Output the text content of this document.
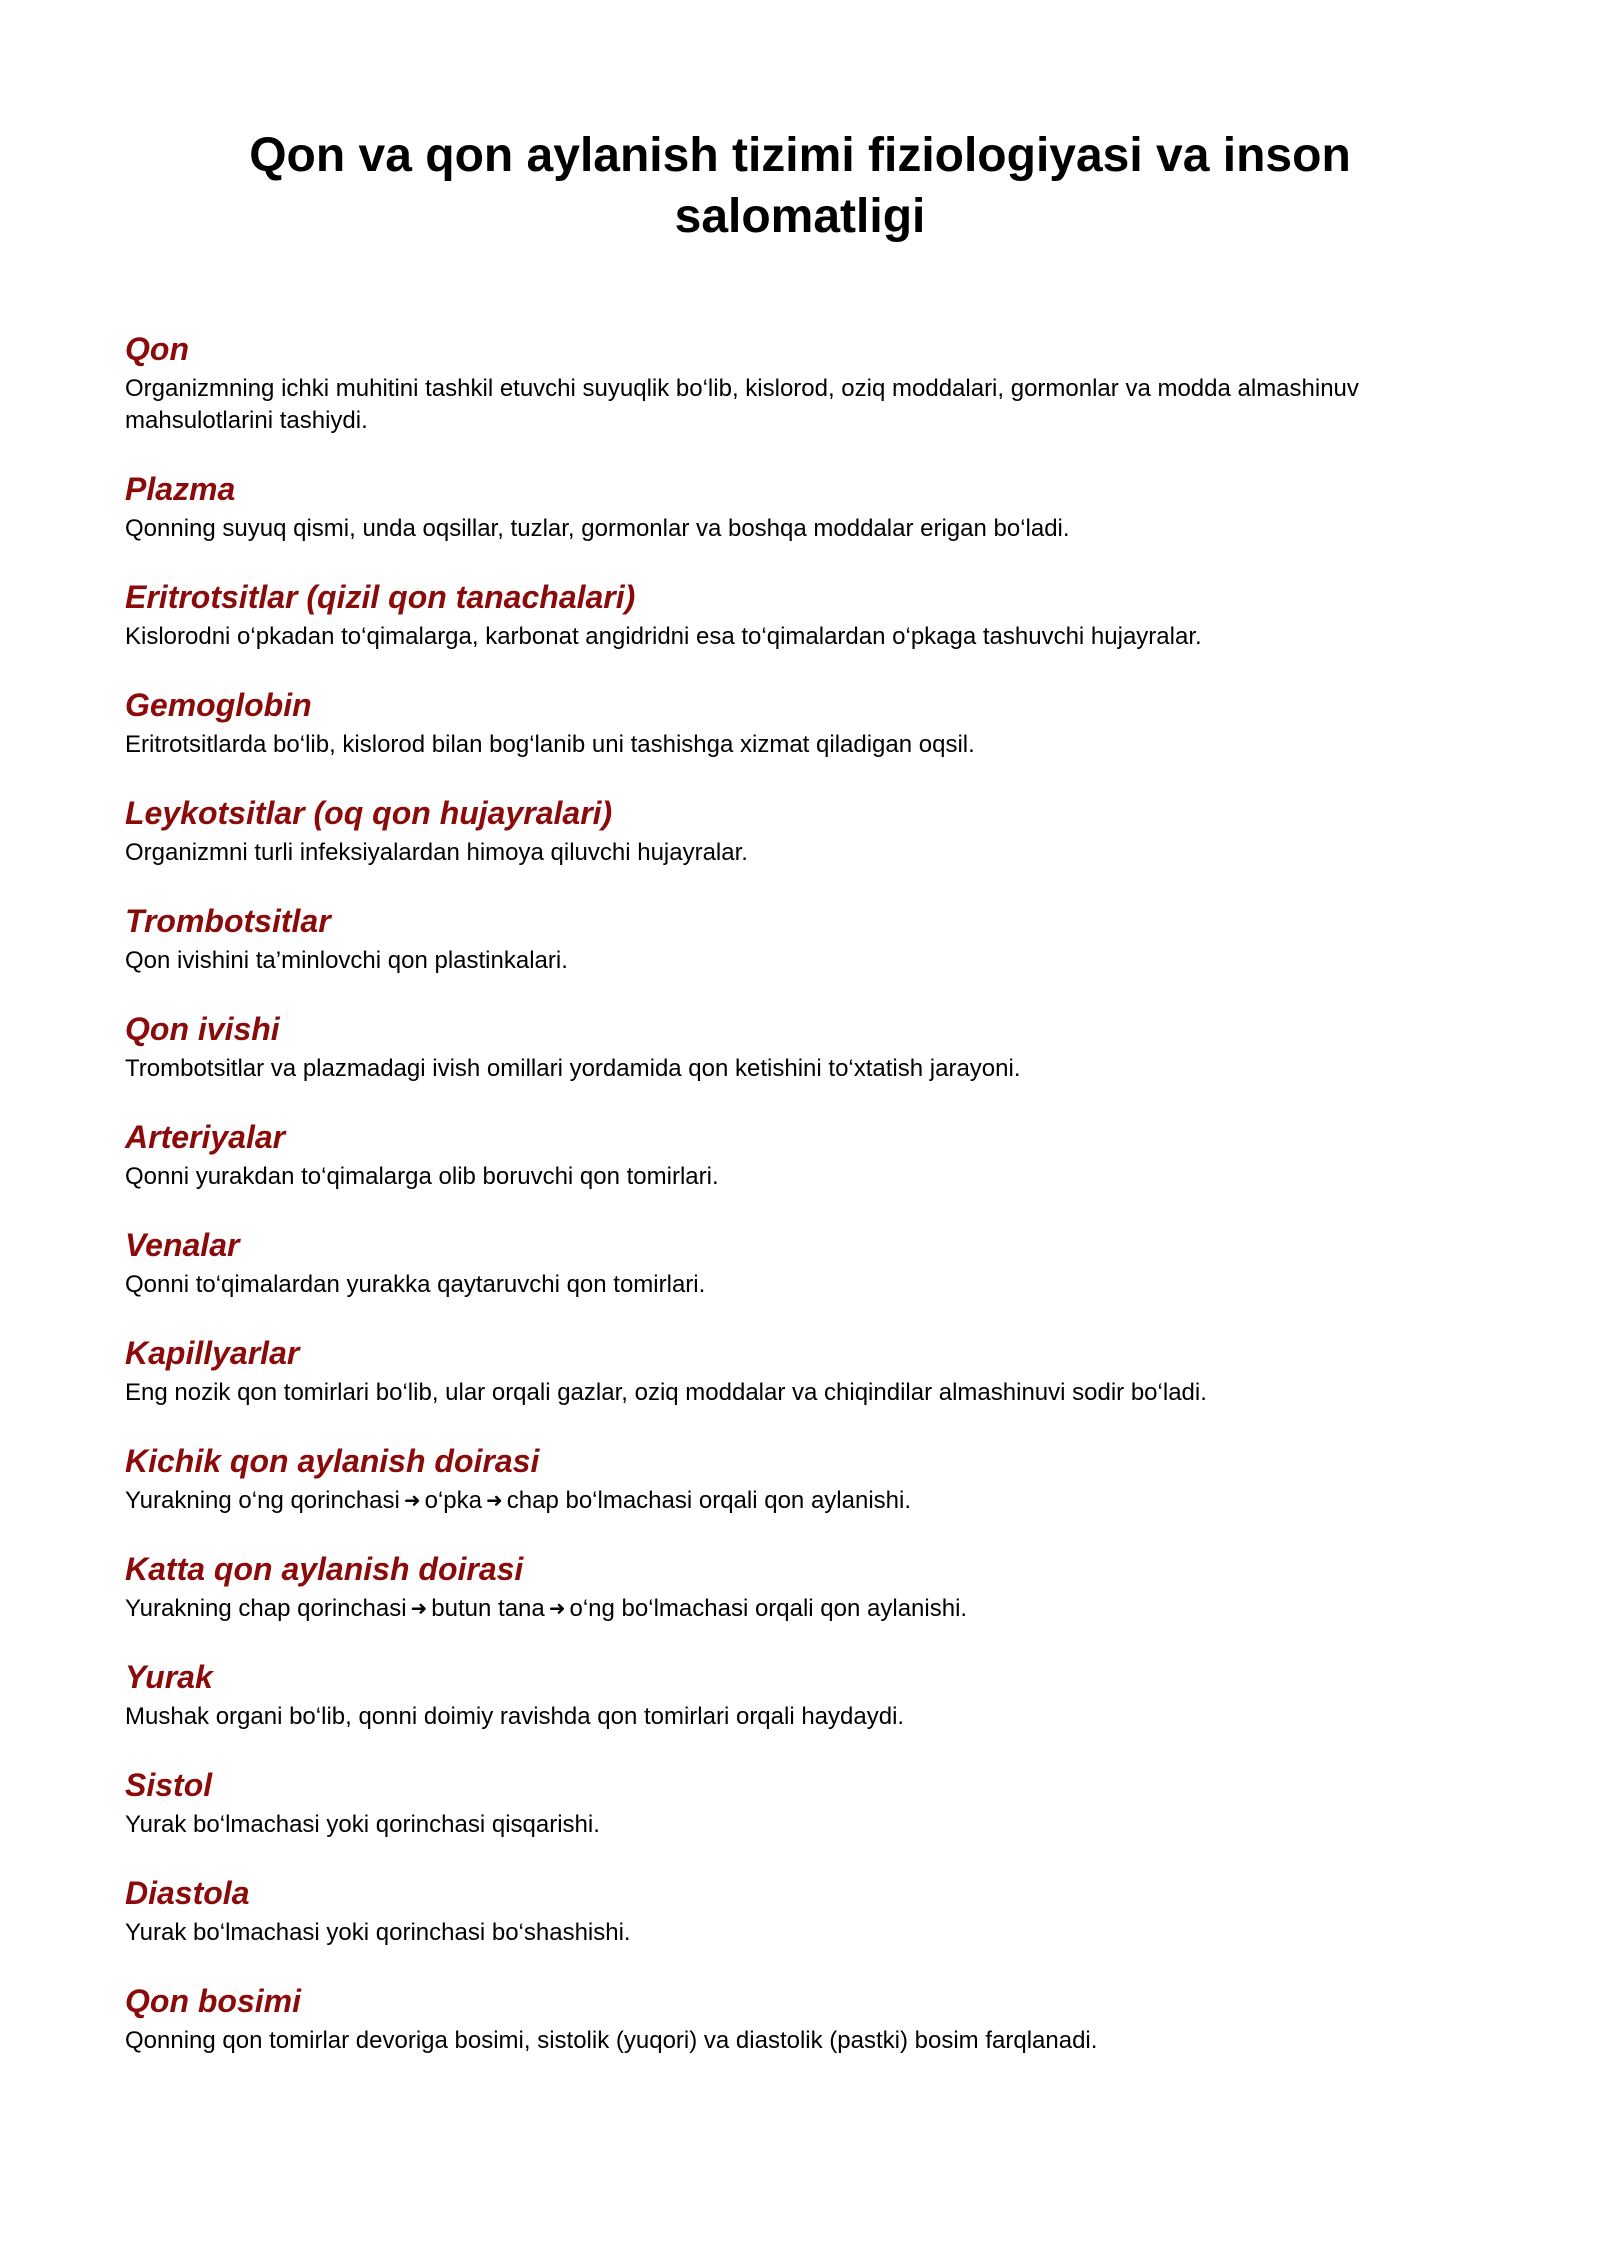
Qon va qon aylanish tizimi fiziologiyasi va inson salomatligi
Qon

Organizmning ichki muhitini tashkil etuvchi suyuqlik bo‘lib, kislorod, oziq moddalari, gormonlar va modda almashinuv mahsulotlarini tashiydi.

Plazma

Qonning suyuq qismi, unda oqsillar, tuzlar, gormonlar va boshqa moddalar erigan bo‘ladi.

Eritrotsitlar (qizil qon tanachalari)

Kislorodni o‘pkadan to‘qimalarga, karbonat angidridni esa to‘qimalardan o‘pkaga tashuvchi hujayralar.

Gemoglobin

Eritrotsitlarda bo‘lib, kislorod bilan bog‘lanib uni tashishga xizmat qiladigan oqsil.

Leykotsitlar (oq qon hujayralari)

Organizmni turli infeksiyalardan himoya qiluvchi hujayralar.

Trombotsitlar

Qon ivishini ta’minlovchi qon plastinkalari.

Qon ivishi

Trombotsitlar va plazmadagi ivish omillari yordamida qon ketishini to‘xtatish jarayoni.

Arteriyalar

Qonni yurakdan to‘qimalarga olib boruvchi qon tomirlari.

Venalar

Qonni to‘qimalardan yurakka qaytaruvchi qon tomirlari.

Kapillyarlar

Eng nozik qon tomirlari bo‘lib, ular orqali gazlar, oziq moddalar va chiqindilar almashinuvi sodir bo‘ladi.

Kichik qon aylanish doirasi

Yurakning o‘ng qorinchasi ➜ o‘pka ➜ chap bo‘lmachasi orqali qon aylanishi.

Katta qon aylanish doirasi

Yurakning chap qorinchasi ➜ butun tana ➜ o‘ng bo‘lmachasi orqali qon aylanishi.

Yurak

Mushak organi bo‘lib, qonni doimiy ravishda qon tomirlari orqali haydaydi.

Sistol

Yurak bo‘lmachasi yoki qorinchasi qisqarishi.

Diastola

Yurak bo‘lmachasi yoki qorinchasi bo‘shashishi.

Qon bosimi

Qonning qon tomirlar devoriga bosimi, sistolik (yuqori) va diastolik (pastki) bosim farqlanadi.
